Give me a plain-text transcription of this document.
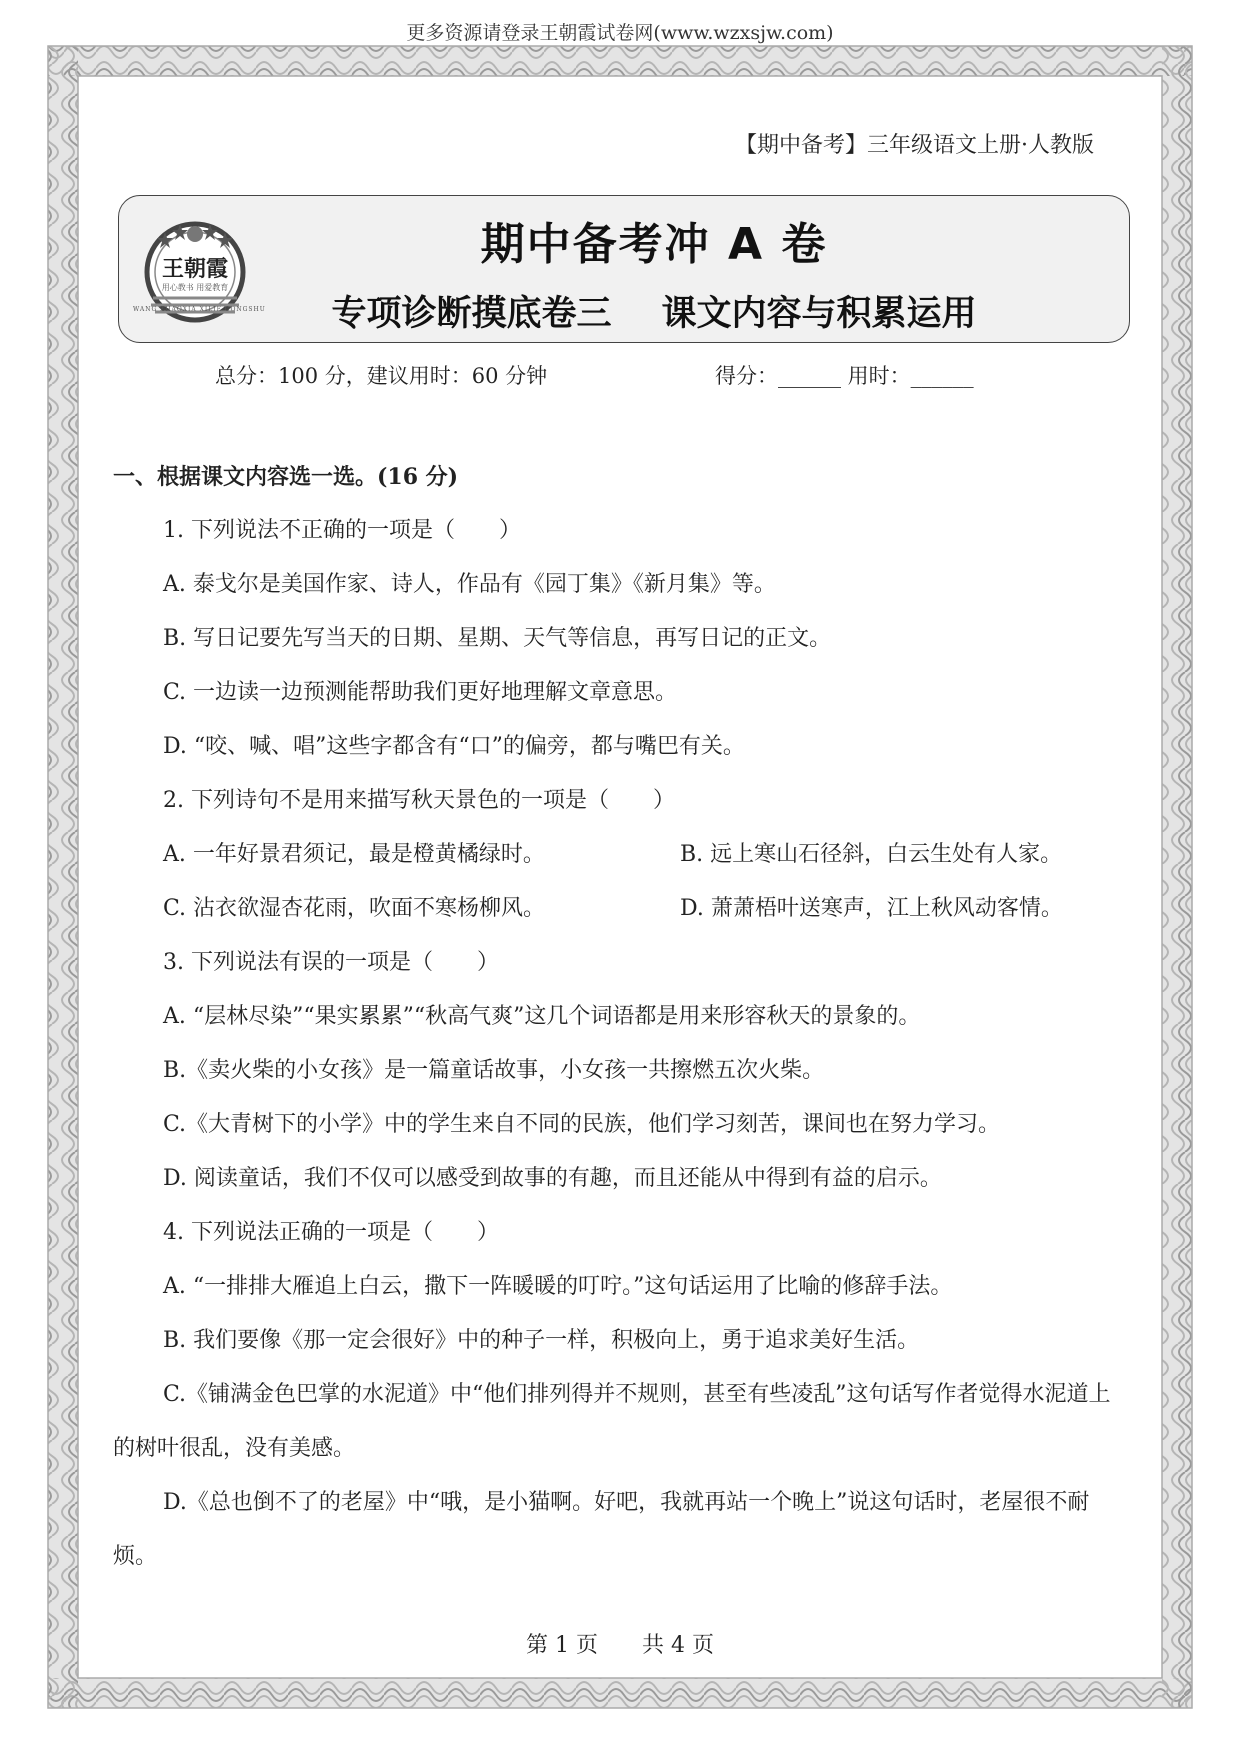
更多资源请登录王朝霞试卷网(www.wzxsjw.com)
【期中备考】三年级语文上册·人教版
王朝霞
用心教书 用爱教育
WANG ZHAOXIA XILIE CONGSHU
期中备考冲 A 卷
专项诊断摸底卷三 课文内容与积累运用
总分：100 分，建议用时：60 分钟	得分：______ 用时：______
一、根据课文内容选一选。(16 分)
1. 下列说法不正确的一项是（　　）
A. 泰戈尔是美国作家、诗人，作品有《园丁集》《新月集》等。
B. 写日记要先写当天的日期、星期、天气等信息，再写日记的正文。
C. 一边读一边预测能帮助我们更好地理解文章意思。
D. “咬、喊、唱”这些字都含有“口”的偏旁，都与嘴巴有关。
2. 下列诗句不是用来描写秋天景色的一项是（　　）
A. 一年好景君须记，最是橙黄橘绿时。	B. 远上寒山石径斜，白云生处有人家。
C. 沾衣欲湿杏花雨，吹面不寒杨柳风。	D. 萧萧梧叶送寒声，江上秋风动客情。
3. 下列说法有误的一项是（　　）
A. “层林尽染”“果实累累”“秋高气爽”这几个词语都是用来形容秋天的景象的。
B.《卖火柴的小女孩》是一篇童话故事，小女孩一共擦燃五次火柴。
C.《大青树下的小学》中的学生来自不同的民族，他们学习刻苦，课间也在努力学习。
D. 阅读童话，我们不仅可以感受到故事的有趣，而且还能从中得到有益的启示。
4. 下列说法正确的一项是（　　）
A. “一排排大雁追上白云，撒下一阵暖暖的叮咛。”这句话运用了比喻的修辞手法。
B. 我们要像《那一定会很好》中的种子一样，积极向上，勇于追求美好生活。
C.《铺满金色巴掌的水泥道》中“他们排列得并不规则，甚至有些凌乱”这句话写作者觉得水泥道上的树叶很乱，没有美感。
D.《总也倒不了的老屋》中“哦，是小猫啊。好吧，我就再站一个晚上”说这句话时，老屋很不耐烦。
第 1 页　　共 4 页
